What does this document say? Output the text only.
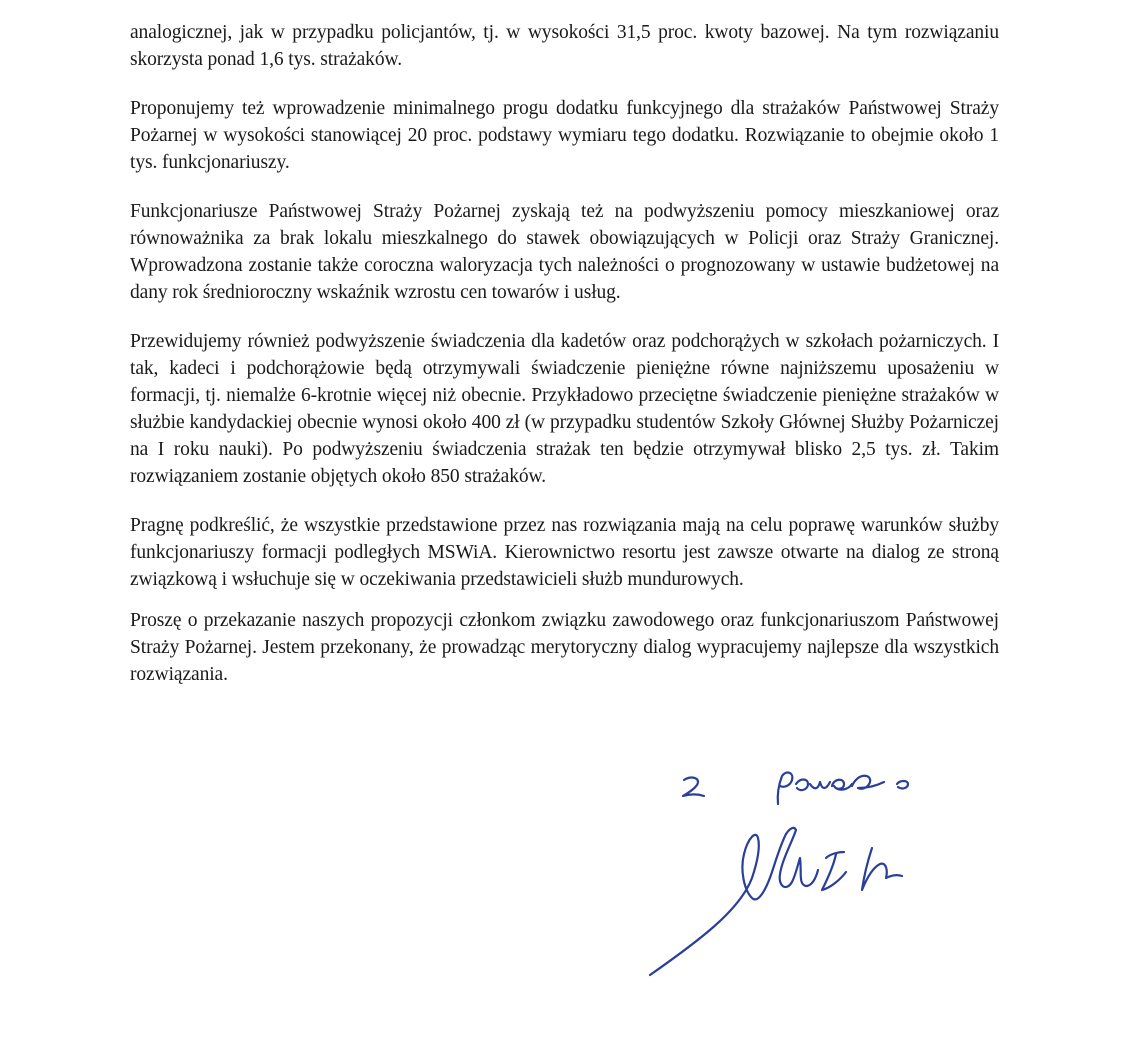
analogicznej, jak w przypadku policjantów, tj. w wysokości 31,5 proc. kwoty bazowej. Na tym rozwiązaniu skorzysta ponad 1,6 tys. strażaków.

Proponujemy też wprowadzenie minimalnego progu dodatku funkcyjnego dla strażaków Państwowej Straży Pożarnej w wysokości stanowiącej 20 proc. podstawy wymiaru tego dodatku. Rozwiązanie to obejmie około 1 tys. funkcjonariuszy.

Funkcjonariusze Państwowej Straży Pożarnej zyskają też na podwyższeniu pomocy mieszkaniowej oraz równoważnika za brak lokalu mieszkalnego do stawek obowiązujących w Policji oraz Straży Granicznej. Wprowadzona zostanie także coroczna waloryzacja tych należności o prognozowany w ustawie budżetowej na dany rok średnioroczny wskaźnik wzrostu cen towarów i usług.

Przewidujemy również podwyższenie świadczenia dla kadetów oraz podchorążych w szkołach pożarniczych. I tak, kadeci i podchorążowie będą otrzymywali świadczenie pieniężne równe najniższemu uposażeniu w formacji, tj. niemalże 6-krotnie więcej niż obecnie. Przykładowo przeciętne świadczenie pieniężne strażaków w służbie kandydackiej obecnie wynosi około 400 zł (w przypadku studentów Szkoły Głównej Służby Pożarniczej na I roku nauki). Po podwyższeniu świadczenia strażak ten będzie otrzymywał blisko 2,5 tys. zł. Takim rozwiązaniem zostanie objętych około 850 strażaków.

Pragnę podkreślić, że wszystkie przedstawione przez nas rozwiązania mają na celu poprawę warunków służby funkcjonariuszy formacji podległych MSWiA. Kierownictwo resortu jest zawsze otwarte na dialog ze stroną związkową i wsłuchuje się w oczekiwania przedstawicieli służb mundurowych.

Proszę o przekazanie naszych propozycji członkom związku zawodowego oraz funkcjonariuszom Państwowej Straży Pożarnej. Jestem przekonany, że prowadząc merytoryczny dialog wypracujemy najlepsze dla wszystkich rozwiązania.
